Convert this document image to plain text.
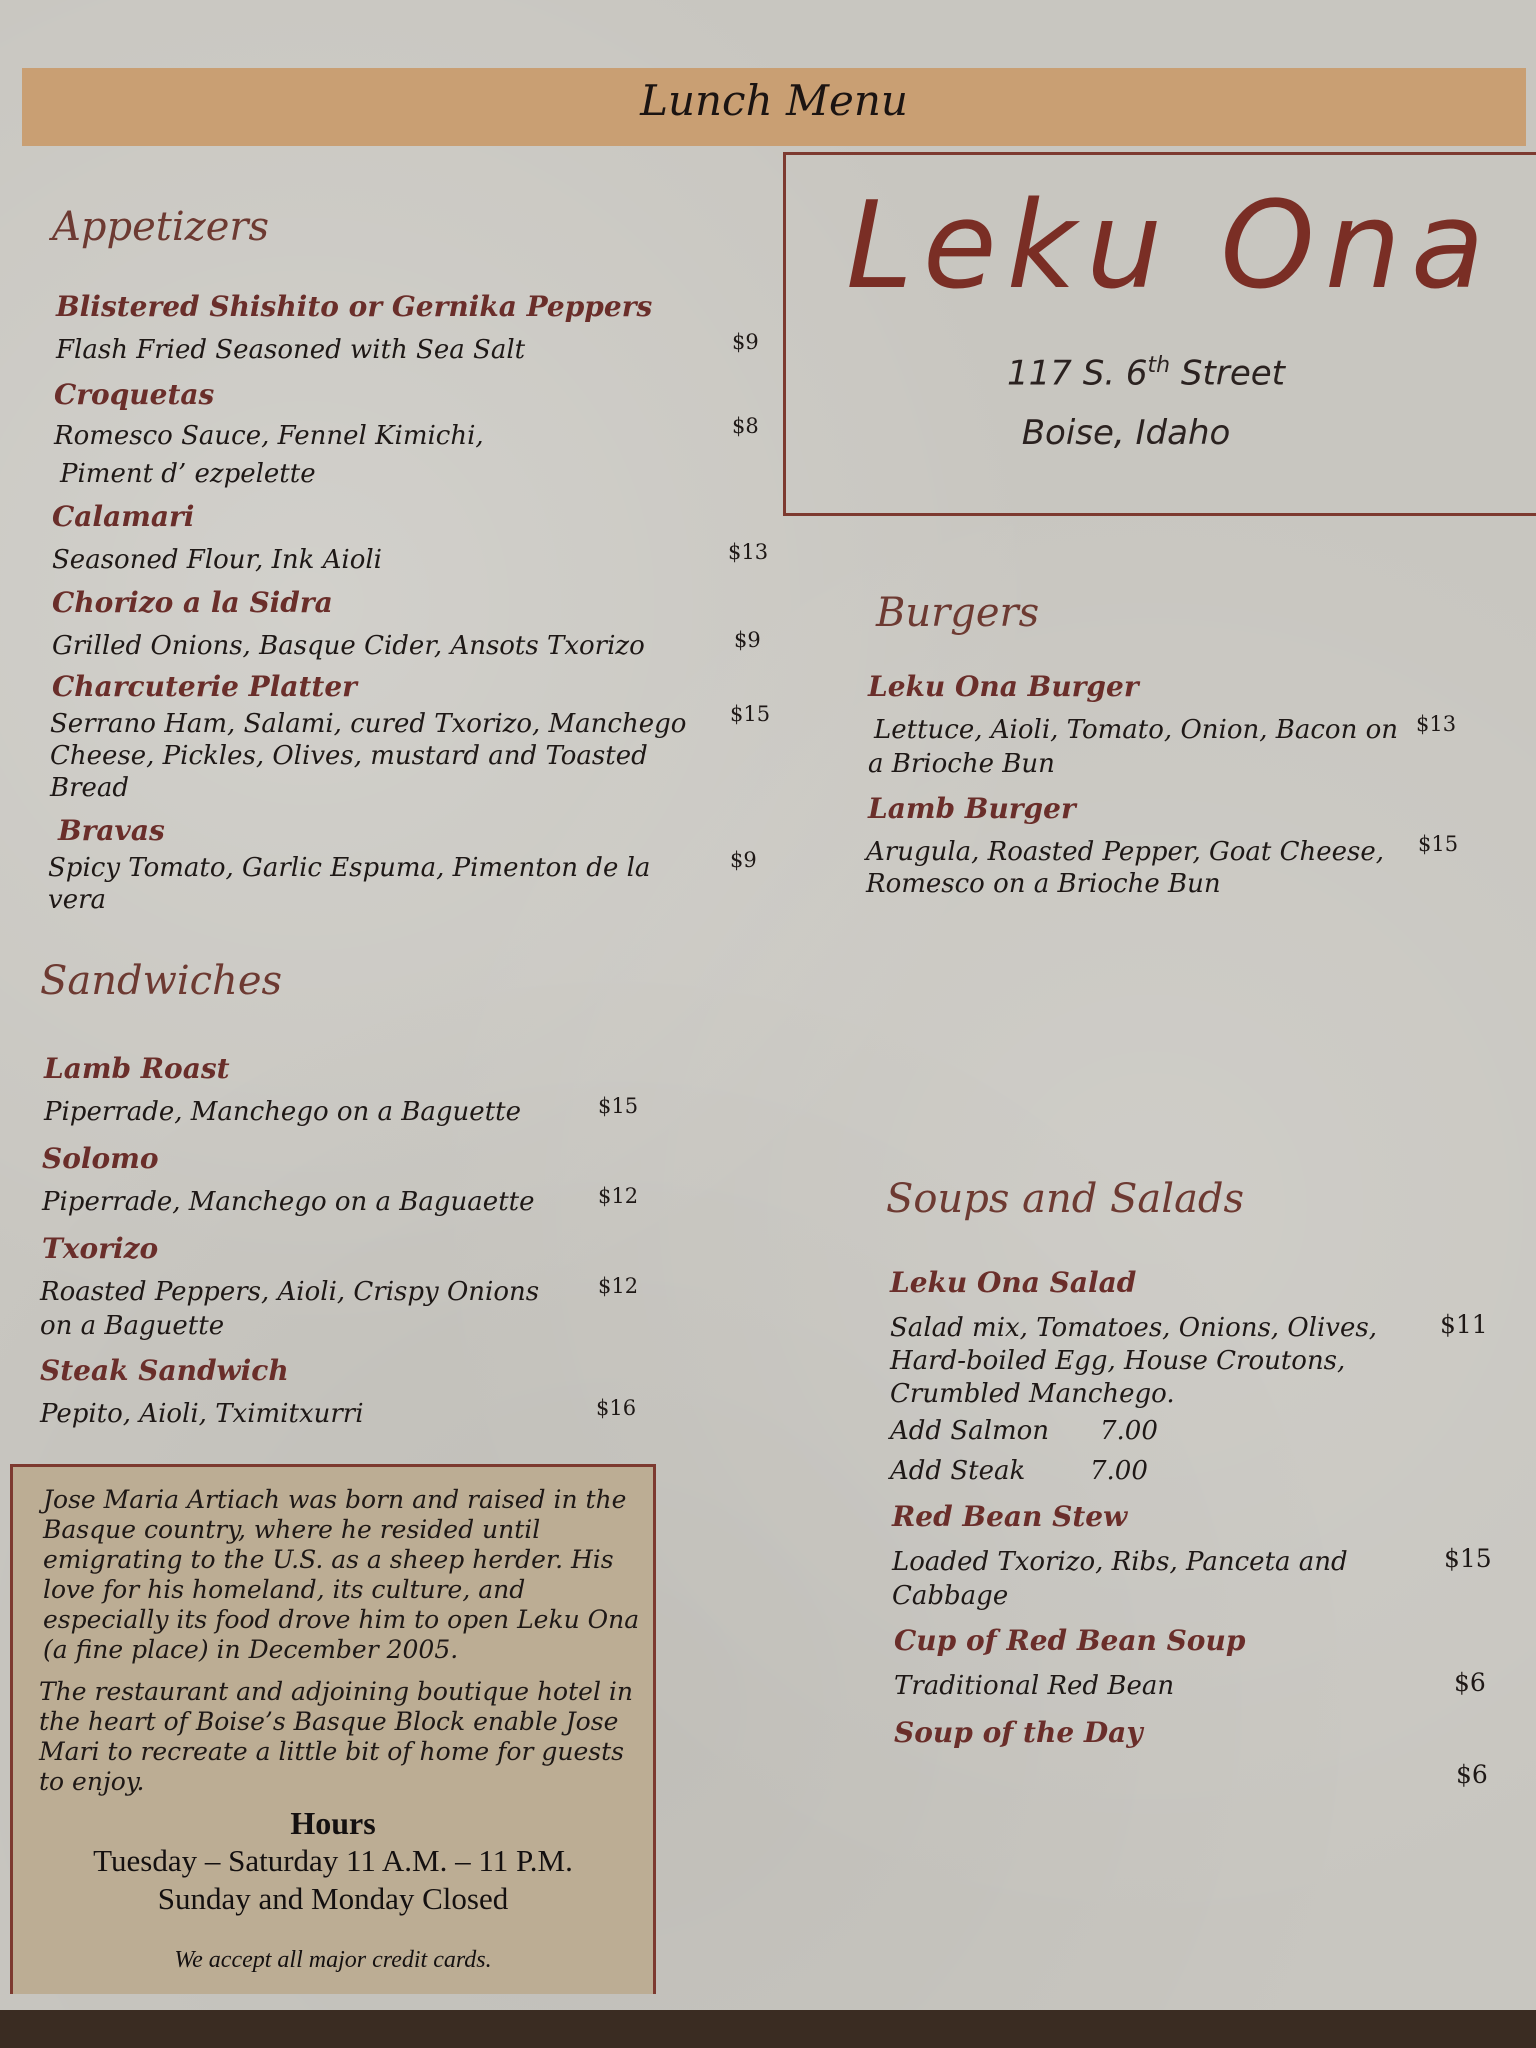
Lunch Menu
Leku Ona
117 S. 6th Street
Boise, Idaho
Appetizers
Blistered Shishito or Gernika Peppers
Flash Fried Seasoned with Sea Salt	$9
Croquetas
Romesco Sauce, Fennel Kimichi,
Piment d’ ezpelette
$8
Calamari
Seasoned Flour, Ink Aioli	$13
Chorizo a la Sidra
Grilled Onions, Basque Cider, Ansots Txorizo	$9
Charcuterie Platter
Serrano Ham, Salami, cured Txorizo, Manchego
Cheese, Pickles, Olives, mustard and Toasted
Bread
$15
Bravas
Spicy Tomato, Garlic Espuma, Pimenton de la
vera
$9
Sandwiches
Lamb Roast
Piperrade, Manchego on a Baguette	$15
Solomo
Piperrade, Manchego on a Baguaette	$12
Txorizo
Roasted Peppers, Aioli, Crispy Onions
on a Baguette
$12
Steak Sandwich
Pepito, Aioli, Tximitxurri	$16
Jose Maria Artiach was born and raised in the
Basque country, where he resided until
emigrating to the U.S. as a sheep herder. His
love for his homeland, its culture, and
especially its food drove him to open Leku Ona
(a fine place) in December 2005.
The restaurant and adjoining boutique hotel in
the heart of Boise’s Basque Block enable Jose
Mari to recreate a little bit of home for guests
to enjoy.
Hours
Tuesday – Saturday 11 A.M. – 11 P.M.
Sunday and Monday Closed
We accept all major credit cards.
Burgers
Leku Ona Burger
Lettuce, Aioli, Tomato, Onion, Bacon on
a Brioche Bun
$13
Lamb Burger
Arugula, Roasted Pepper, Goat Cheese,
Romesco on a Brioche Bun
$15
Soups and Salads
Leku Ona Salad
Salad mix, Tomatoes, Onions, Olives,
Hard-boiled Egg, House Croutons,
Crumbled Manchego.
$11
Add Salmon 7.00
Add Steak 7.00
Red Bean Stew
Loaded Txorizo, Ribs, Panceta and
Cabbage
$15
Cup of Red Bean Soup
Traditional Red Bean	$6
Soup of the Day
$6
